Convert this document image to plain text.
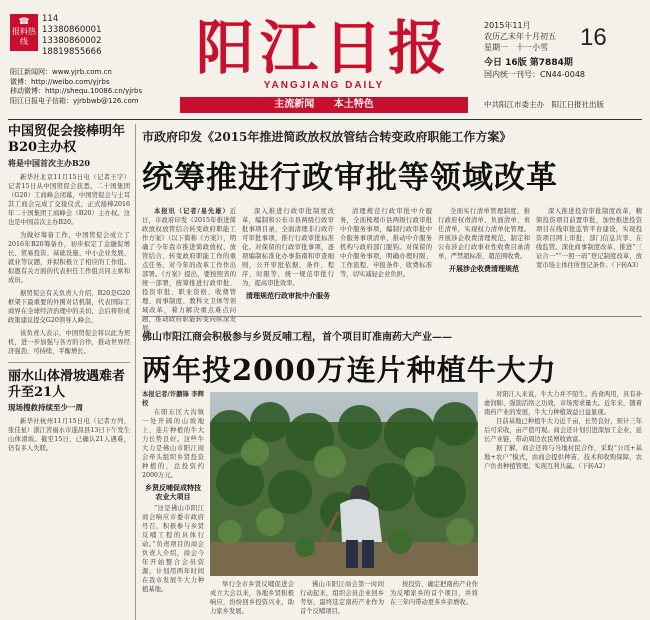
☎
报料热线
114
13380860001
13380860002
18819855666
阳江新闻网：www.yjrb.com.cn
微博：http://weibo.com/yjrbs
移动微博：http://shequ.10086.cn/yjrbs
阳江日报电子信箱：yjrbbwb@126.com
阳江日报
YANGJIANG DAILY
主流新闻 本土特色
2015年11月
农历乙未年十月初五
星期一　十一小雪	16
今日 16版 第7884期
国内统一刊号：CN44-0048
中共阳江市委主办　阳江日报社出版
中国贸促会接棒明年B20主办权
将是中国首次主办B20
新华社北京11月15日电（记者王宇）记者15日从中国贸促会获悉，二十国集团（G20）工商峰会闭幕，中国贸促会与土耳其工商会完成了交接仪式，正式接棒2016年二十国集团工商峰会（B20）主办权。这也是中国首次主办B20。
为做好筹备工作，中国贸促会成立了2016年B20筹备办，初步拟定了金融促增长、贸易投资、基础设施、中小企业发展、就业等议题，并拟积极立了相应的工作组。拟邀有关方面的代表担任工作组共同主席和成员。
据贸促会有关负责人介绍，B20是G20框架下最重要的外围对话机制，代表国际工商界在全球经济治理中的关切，会后将形成政策建议提交G20领导人峰会。
该负责人表示，中国贸促会将以此为契机，进一步加强与各方的合作，推动世界经济强劲、可持续、平衡增长。
丽水山体滑坡遇难者升至21人
现场搜救持续至少一周
新华社杭州11月15日电（记者方列、张佳星）浙江省丽水市遂昌县13日下午发生山体滑坡。截至15日，已确认21人遇难，仍有多人失联。
市政府印发《2015年推进简政放权放管结合转变政府职能工作方案》
统筹推进行政审批等领域改革

本报讯（记者/易先雄）近日，市政府印发《2015年推进简政放权放管结合转变政府职能工作方案》（以下简称《方案》），明确了今年我市推进简政放权、放管结合、转变政府职能工作的重点任务，对今年的改革工作作出部署。《方案》提出，要按照省的统一部署，统筹推进行政审批、投资审批、职业资格、收费管理、商事制度、教科文卫体等领域改革，着力解决重点难点问题，推动政府职能转变向纵深发展。

深入推进行政审批制度改革，编制和公布市县两级行政审批事项目录，全面清理非行政许可审批事项，推行行政审批标准化。对保留的行政审批事项，逐项编制标准化办事指南和审查细则，公开审批依据、条件、程序、时限等，统一规范审批行为，提高审批效率。

清理规范行政审批中介服务

清理规范行政审批中介服务，全面梳理市县两级行政审批中介服务事项，编制行政审批中介服务事项清单，推动中介服务机构与政府部门脱钩。对保留的中介服务事项，明确办理时限、工作流程、申报条件、收费标准等，切实减轻企业负担。

全面实行清单管理制度，推行政府权责清单、负面清单、责任清单，实现权力清单化管理。开展涉企收费清理规范，制定和公布涉企行政事业性收费目录清单，严禁超标准、超范围收费。

开展涉企收费清理规范

深入推进投资审批制度改革，精简投资项目前置审批，加快推进投资项目在线审批监管平台建设，实现投资项目网上审批、部门信息共享、在线监管。深化商事制度改革，推进“三证合一”“一照一码”登记制度改革，放宽市场主体住所登记条件。（下转A3）

佛山市阳江商会积极参与乡贤反哺工程，首个项目盯准南药大产业——
两年投2000万连片种植牛大力

本报记者/许鹏锋 李辉校

在阳东区大沟镇一处开阔的山坡地上，连片种植的牛大力长势良好。这些牛大力是佛山市阳江商会牵头组织乡贤投资种植的，总投资约2000万元。

乡贤反哺促成特技农业大项目

“这是佛山市阳江商会响应市委市政府号召，积极参与乡贤反哺工程的具体行动。”负责项目的商会负责人介绍，商会今年开始整合会员资源，计划用两年时间在我市发展牛大力种植基地。

对阳江人来说，牛大力并不陌生。药食两用，具有补虚润肺、强筋活络之功效，市场需求量大。近年来，随着南药产业的发展，牛大力种植效益日益显现。

目前基地已种植牛大力近千亩，长势良好，预计三年后可采收，亩产值可观。商会还计划引进深加工企业，延长产业链，带动周边农民增收致富。

据了解，商会还将与当地村民合作，采取“公司+基地+农户”模式，由商会提供种苗、技术和收购保障，农户负责种植管理，实现互利共赢。（下转A2）

举行全市乡贤反哺促进会成立大会以来，各地乡贤积极响应，纷纷回乡投资兴业，助力家乡发展。

佛山市阳江商会第一时间行动起来，组织会员企业回乡考察，最终选定南药产业作为首个反哺项目。

按投资、确定把南药产业作为反哺家乡的首个项目，并将在三年内带动更多乡亲增收。
